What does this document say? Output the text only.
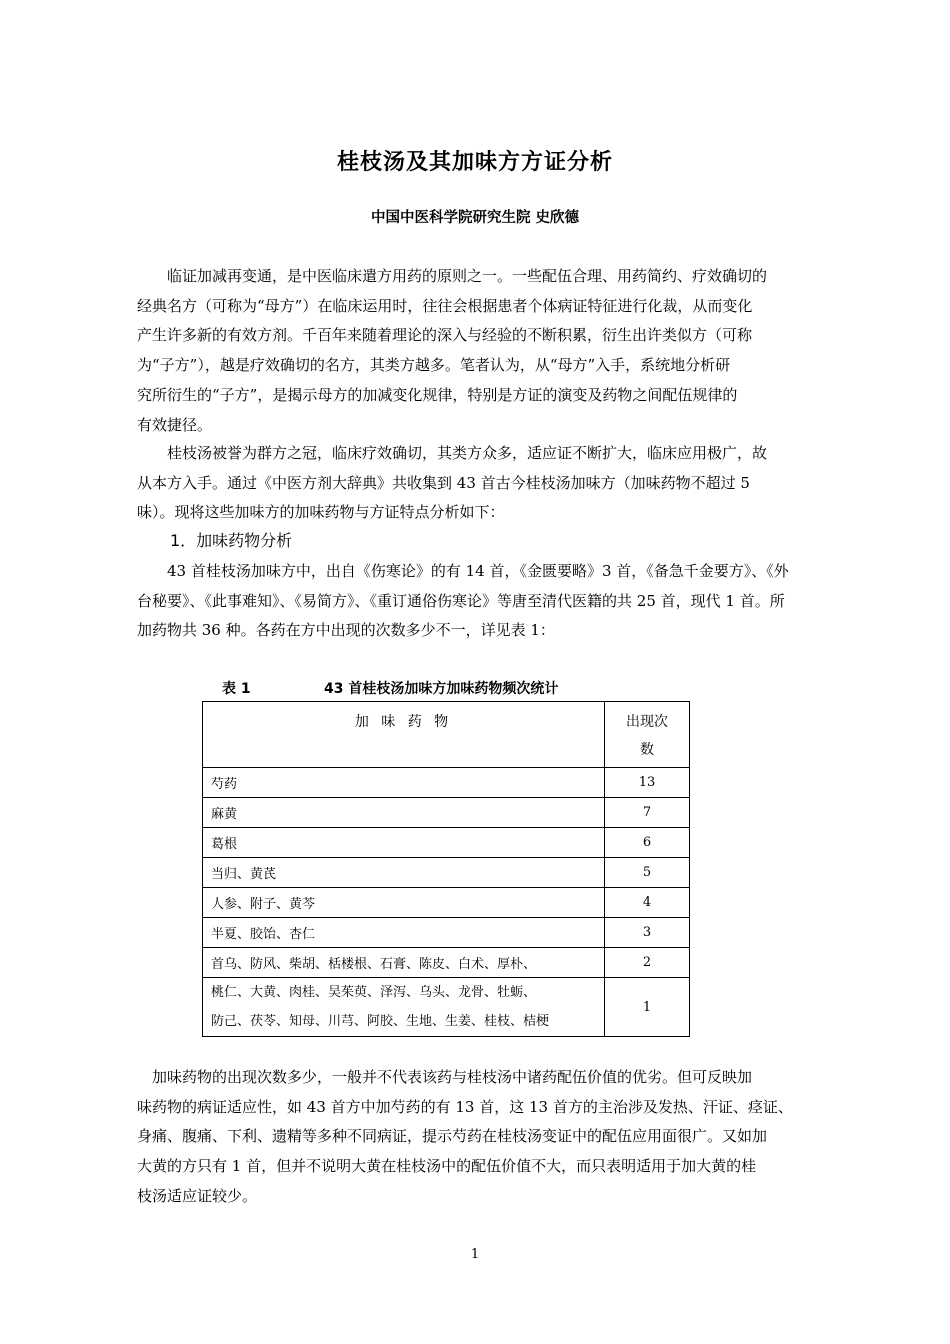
桂枝汤及其加味方方证分析
中国中医科学院研究生院 史欣德
　　临证加减再变通，是中医临床遣方用药的原则之一。一些配伍合理、用药简约、疗效确切的
经典名方（可称为“母方”）在临床运用时，往往会根据患者个体病证特征进行化裁，从而变化
产生许多新的有效方剂。千百年来随着理论的深入与经验的不断积累，衍生出许类似方（可称
为“子方”），越是疗效确切的名方，其类方越多。笔者认为，从“母方”入手，系统地分析研
究所衍生的“子方”，是揭示母方的加减变化规律，特别是方证的演变及药物之间配伍规律的
有效捷径。
　　桂枝汤被誉为群方之冠，临床疗效确切，其类方众多，适应证不断扩大，临床应用极广，故
从本方入手。通过《中医方剂大辞典》共收集到 43 首古今桂枝汤加味方（加味药物不超过 5
味）。现将这些加味方的加味药物与方证特点分析如下：
1．加味药物分析
　　43 首桂枝汤加味方中，出自《伤寒论》的有 14 首，《金匮要略》3 首，《备急千金要方》、《外
台秘要》、《此事难知》、《易简方》、《重订通俗伤寒论》等唐至清代医籍的共 25 首，现代 1 首。所
加药物共 36 种。各药在方中出现的次数多少不一，详见表 1：
表 1	43 首桂枝汤加味方加味药物频次统计
加 味 药 物	出现次
数
芍药	13
麻黄	7
葛根	6
当归、黄芪	5
人参、附子、黄芩	4
半夏、胶饴、杏仁	3
首乌、防风、柴胡、栝楼根、石膏、陈皮、白术、厚朴、	2

桃仁、大黄、肉桂、吴茱萸、泽泻、乌头、龙骨、牡蛎、
防己、茯苓、知母、川芎、阿胶、生地、生姜、桂枝、桔梗	1
　加味药物的出现次数多少，一般并不代表该药与桂枝汤中诸药配伍价值的优劣。但可反映加
味药物的病证适应性，如 43 首方中加芍药的有 13 首，这 13 首方的主治涉及发热、汗证、痉证、
身痛、腹痛、下利、遗精等多种不同病证，提示芍药在桂枝汤变证中的配伍应用面很广。又如加
大黄的方只有 1 首，但并不说明大黄在桂枝汤中的配伍价值不大，而只表明适用于加大黄的桂
枝汤适应证较少。
1
